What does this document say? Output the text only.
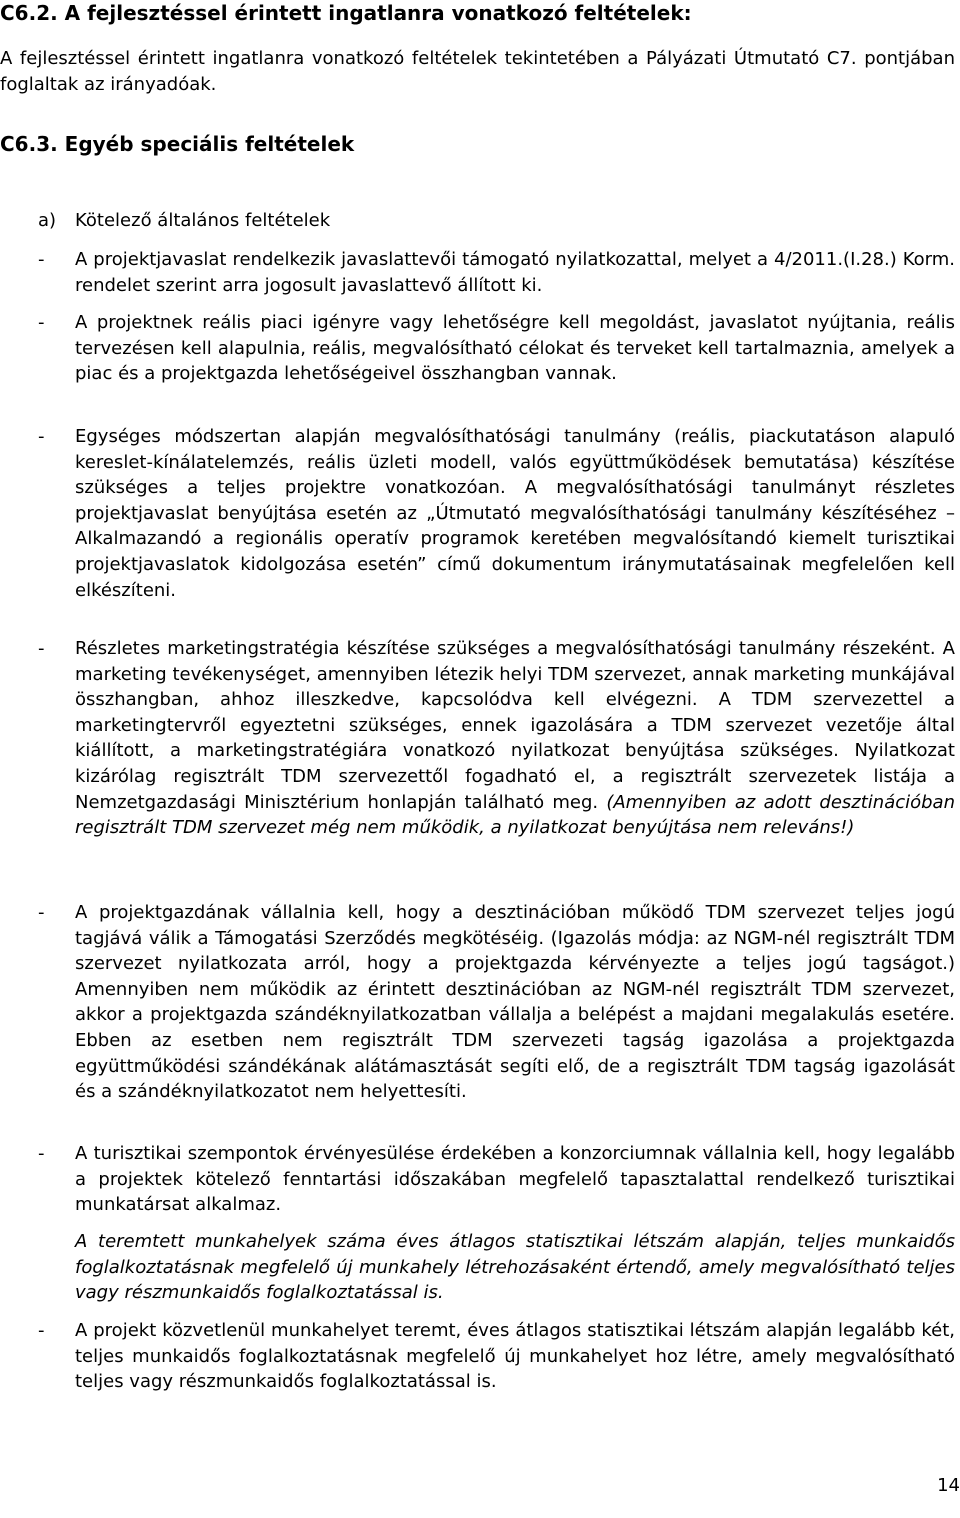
C6.2. A fejlesztéssel érintett ingatlanra vonatkozó feltételek:

A fejlesztéssel érintett ingatlanra vonatkozó feltételek tekintetében a Pályázati Útmutató C7. pontjában foglaltak az irányadóak.

C6.3. Egyéb speciális feltételek
a) Kötelező általános feltételek
-	A projektjavaslat rendelkezik javaslattevői támogató nyilatkozattal, melyet a 4/2011.(I.28.) Korm. rendelet szerint arra jogosult javaslattevő állított ki.
-	A projektnek reális piaci igényre vagy lehetőségre kell megoldást, javaslatot nyújtania, reális tervezésen kell alapulnia, reális, megvalósítható célokat és terveket kell tartalmaznia, amelyek a piac és a projektgazda lehetőségeivel összhangban vannak.
-	Egységes módszertan alapján megvalósíthatósági tanulmány (reális, piackutatáson alapuló kereslet-kínálatelemzés, reális üzleti modell, valós együttműködések bemutatása) készítése szükséges a teljes projektre vonatkozóan. A megvalósíthatósági tanulmányt részletes projektjavaslat benyújtása esetén az „Útmutató megvalósíthatósági tanulmány készítéséhez – Alkalmazandó a regionális operatív programok keretében megvalósítandó kiemelt turisztikai projektjavaslatok kidolgozása esetén” című dokumentum iránymutatásainak megfelelően kell elkészíteni.
-	Részletes marketingstratégia készítése szükséges a megvalósíthatósági tanulmány részeként. A marketing tevékenységet, amennyiben létezik helyi TDM szervezet, annak marketing munkájával összhangban, ahhoz illeszkedve, kapcsolódva kell elvégezni. A TDM szervezettel a marketingtervről egyeztetni szükséges, ennek igazolására a TDM szervezet vezetője által kiállított, a marketingstratégiára vonatkozó nyilatkozat benyújtása szükséges. Nyilatkozat kizárólag regisztrált TDM szervezettől fogadható el, a regisztrált szervezetek listája a Nemzetgazdasági Minisztérium honlapján található meg. (Amennyiben az adott desztinációban regisztrált TDM szervezet még nem működik, a nyilatkozat benyújtása nem releváns!)
-	A projektgazdának vállalnia kell, hogy a desztinációban működő TDM szervezet teljes jogú tagjává válik a Támogatási Szerződés megkötéséig. (Igazolás módja: az NGM-nél regisztrált TDM szervezet nyilatkozata arról, hogy a projektgazda kérvényezte a teljes jogú tagságot.) Amennyiben nem működik az érintett desztinációban az NGM-nél regisztrált TDM szervezet, akkor a projektgazda szándéknyilatkozatban vállalja a belépést a majdani megalakulás esetére. Ebben az esetben nem regisztrált TDM szervezeti tagság igazolása a projektgazda együttműködési szándékának alátámasztását segíti elő, de a regisztrált TDM tagság igazolását és a szándéknyilatkozatot nem helyettesíti.
-	A turisztikai szempontok érvényesülése érdekében a konzorciumnak vállalnia kell, hogy legalább a projektek kötelező fenntartási időszakában megfelelő tapasztalattal rendelkező turisztikai munkatársat alkalmaz.

A teremtett munkahelyek száma éves átlagos statisztikai létszám alapján, teljes munkaidős foglalkoztatásnak megfelelő új munkahely létrehozásaként értendő, amely megvalósítható teljes vagy részmunkaidős foglalkoztatással is.

-	A projekt közvetlenül munkahelyet teremt, éves átlagos statisztikai létszám alapján legalább két, teljes munkaidős foglalkoztatásnak megfelelő új munkahelyet hoz létre, amely megvalósítható teljes vagy részmunkaidős foglalkoztatással is.
14
